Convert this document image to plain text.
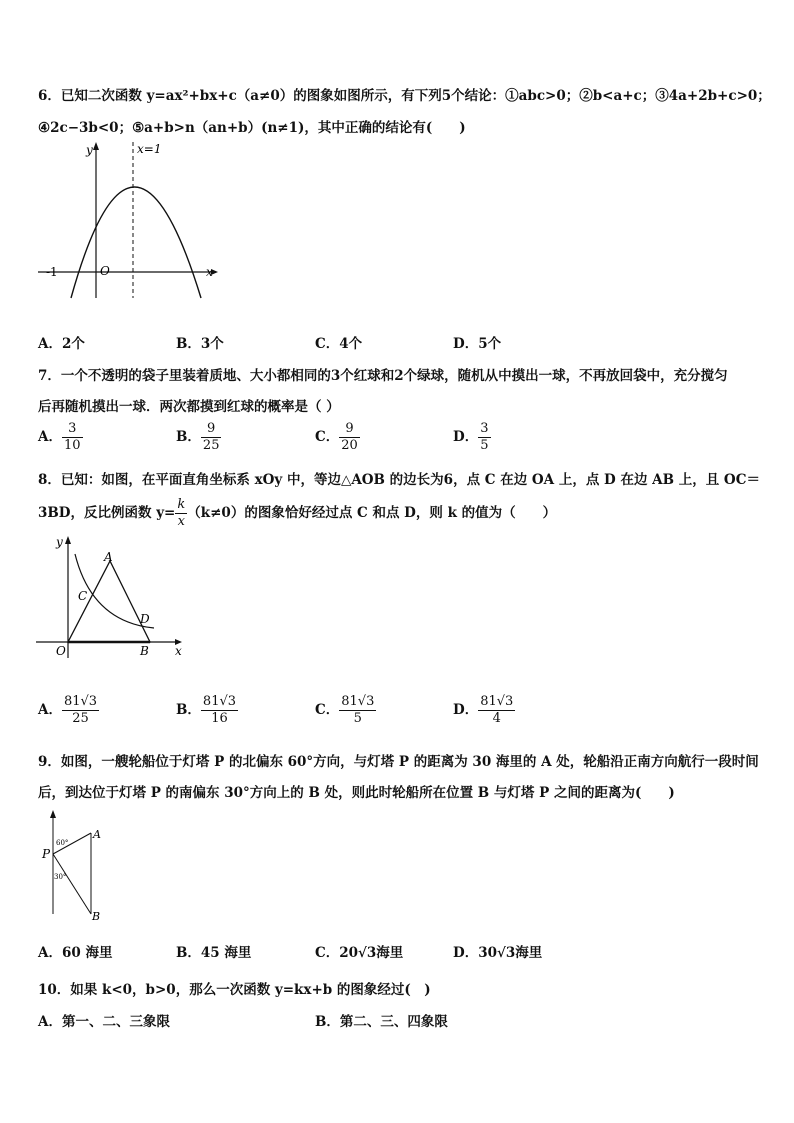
6．已知二次函数 y=ax²+bx+c（a≠0）的图象如图所示，有下列5个结论：①abc>0；②b<a+c；③4a+2b+c>0；
④2c−3b<0；⑤a+b>n（an+b）(n≠1)，其中正确的结论有(　　)
y	x=1
O
-1	x
A．2个	B．3个	C．4个	D．5个
7．一个不透明的袋子里装着质地、大小都相同的3个红球和2个绿球，随机从中摸出一球，不再放回袋中，充分搅匀
后再随机摸出一球．两次都摸到红球的概率是（ ）
A． $\frac{3}{10}$	B． $\frac{9}{25}$	C． $\frac{9}{20}$	D． $\frac{3}{5}$
8．已知：如图，在平面直角坐标系 xOy 中，等边△AOB 的边长为6，点 C 在边 OA 上，点 D 在边 AB 上，且 OC＝
3BD，反比例函数 $y= \frac{k}{x} (k\ne 0)$的图象恰好经过点 C 和点 D，则 k 的值为（　　）
y
A
C
D
O	B x
A． $\frac{81√3}{25}$	B． $\frac{81√3}{16}$	C． $\frac{81√3}{5}$	D． $\frac{81√3}{4}$
9．如图，一艘轮船位于灯塔 P 的北偏东 60°方向，与灯塔 P 的距离为 30 海里的 A 处，轮船沿正南方向航行一段时间
后，到达位于灯塔 P 的南偏东 30°方向上的 B 处，则此时轮船所在位置 B 与灯塔 P 之间的距离为(　　)
60°
30°
P
A
B
A．60 海里	B．45 海里	C．20√3海里	D．30√3海里
10．如果 k<0，b>0，那么一次函数 y=kx+b 的图象经过(　)
A．第一、二、三象限	B．第二、三、四象限
